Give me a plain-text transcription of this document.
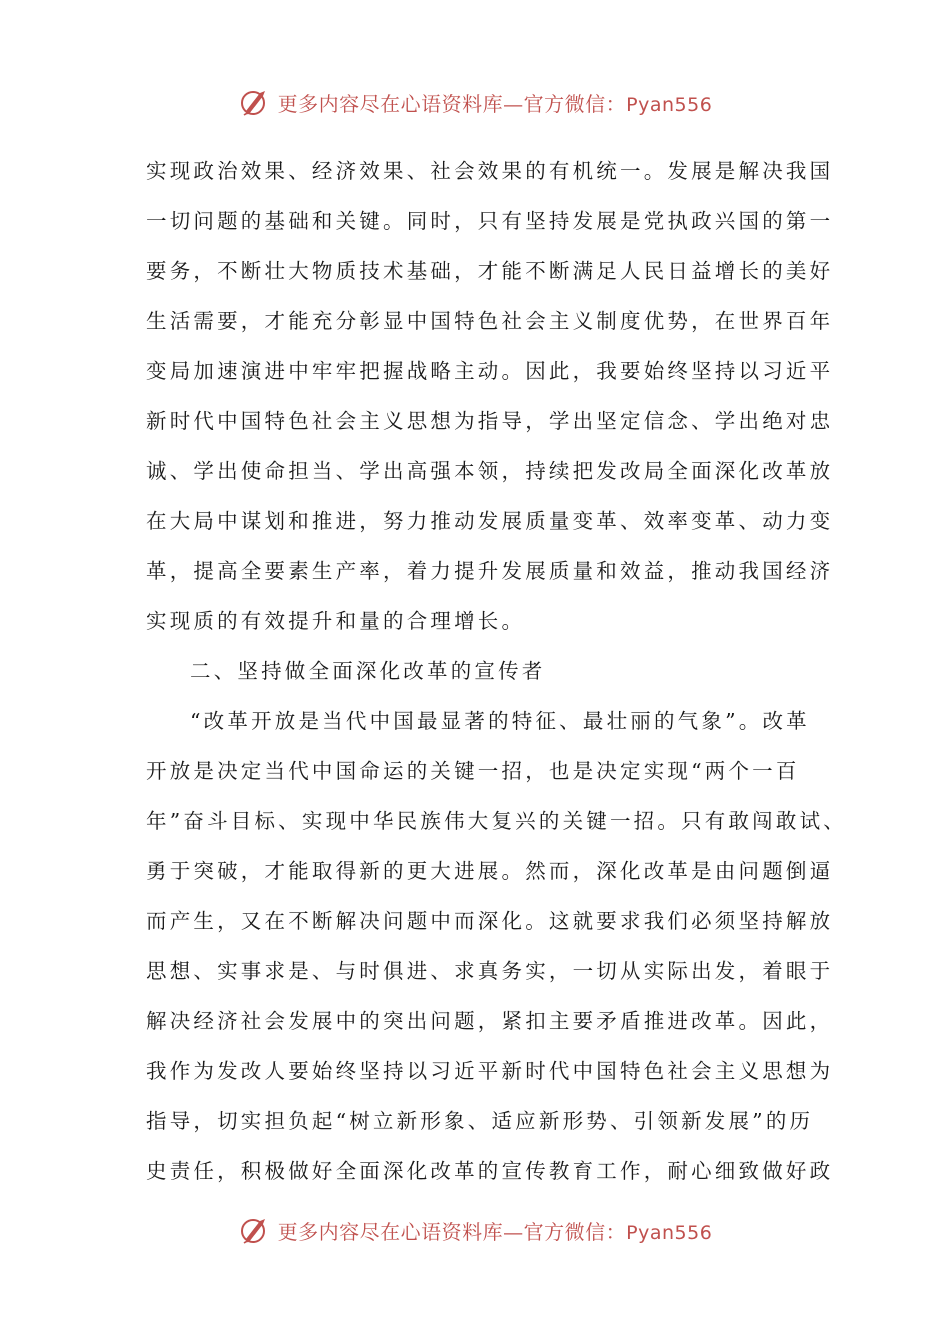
更多内容尽在心语资料库—官方微信：Pyan556
实现政治效果、经济效果、社会效果的有机统一。发展是解决我国
一切问题的基础和关键。同时，只有坚持发展是党执政兴国的第一
要务，不断壮大物质技术基础，才能不断满足人民日益增长的美好
生活需要，才能充分彰显中国特色社会主义制度优势，在世界百年
变局加速演进中牢牢把握战略主动。因此，我要始终坚持以习近平
新时代中国特色社会主义思想为指导，学出坚定信念、学出绝对忠
诚、学出使命担当、学出高强本领，持续把发改局全面深化改革放
在大局中谋划和推进，努力推动发展质量变革、效率变革、动力变
革，提高全要素生产率，着力提升发展质量和效益，推动我国经济
实现质的有效提升和量的合理增长。
二、坚持做全面深化改革的宣传者
“改革开放是当代中国最显著的特征、最壮丽的气象”。改革
开放是决定当代中国命运的关键一招，也是决定实现“两个一百
年”奋斗目标、实现中华民族伟大复兴的关键一招。只有敢闯敢试、
勇于突破，才能取得新的更大进展。然而，深化改革是由问题倒逼
而产生，又在不断解决问题中而深化。这就要求我们必须坚持解放
思想、实事求是、与时俱进、求真务实，一切从实际出发，着眼于
解决经济社会发展中的突出问题，紧扣主要矛盾推进改革。因此，
我作为发改人要始终坚持以习近平新时代中国特色社会主义思想为
指导，切实担负起“树立新形象、适应新形势、引领新发展”的历
史责任，积极做好全面深化改革的宣传教育工作，耐心细致做好政
更多内容尽在心语资料库—官方微信：Pyan556
